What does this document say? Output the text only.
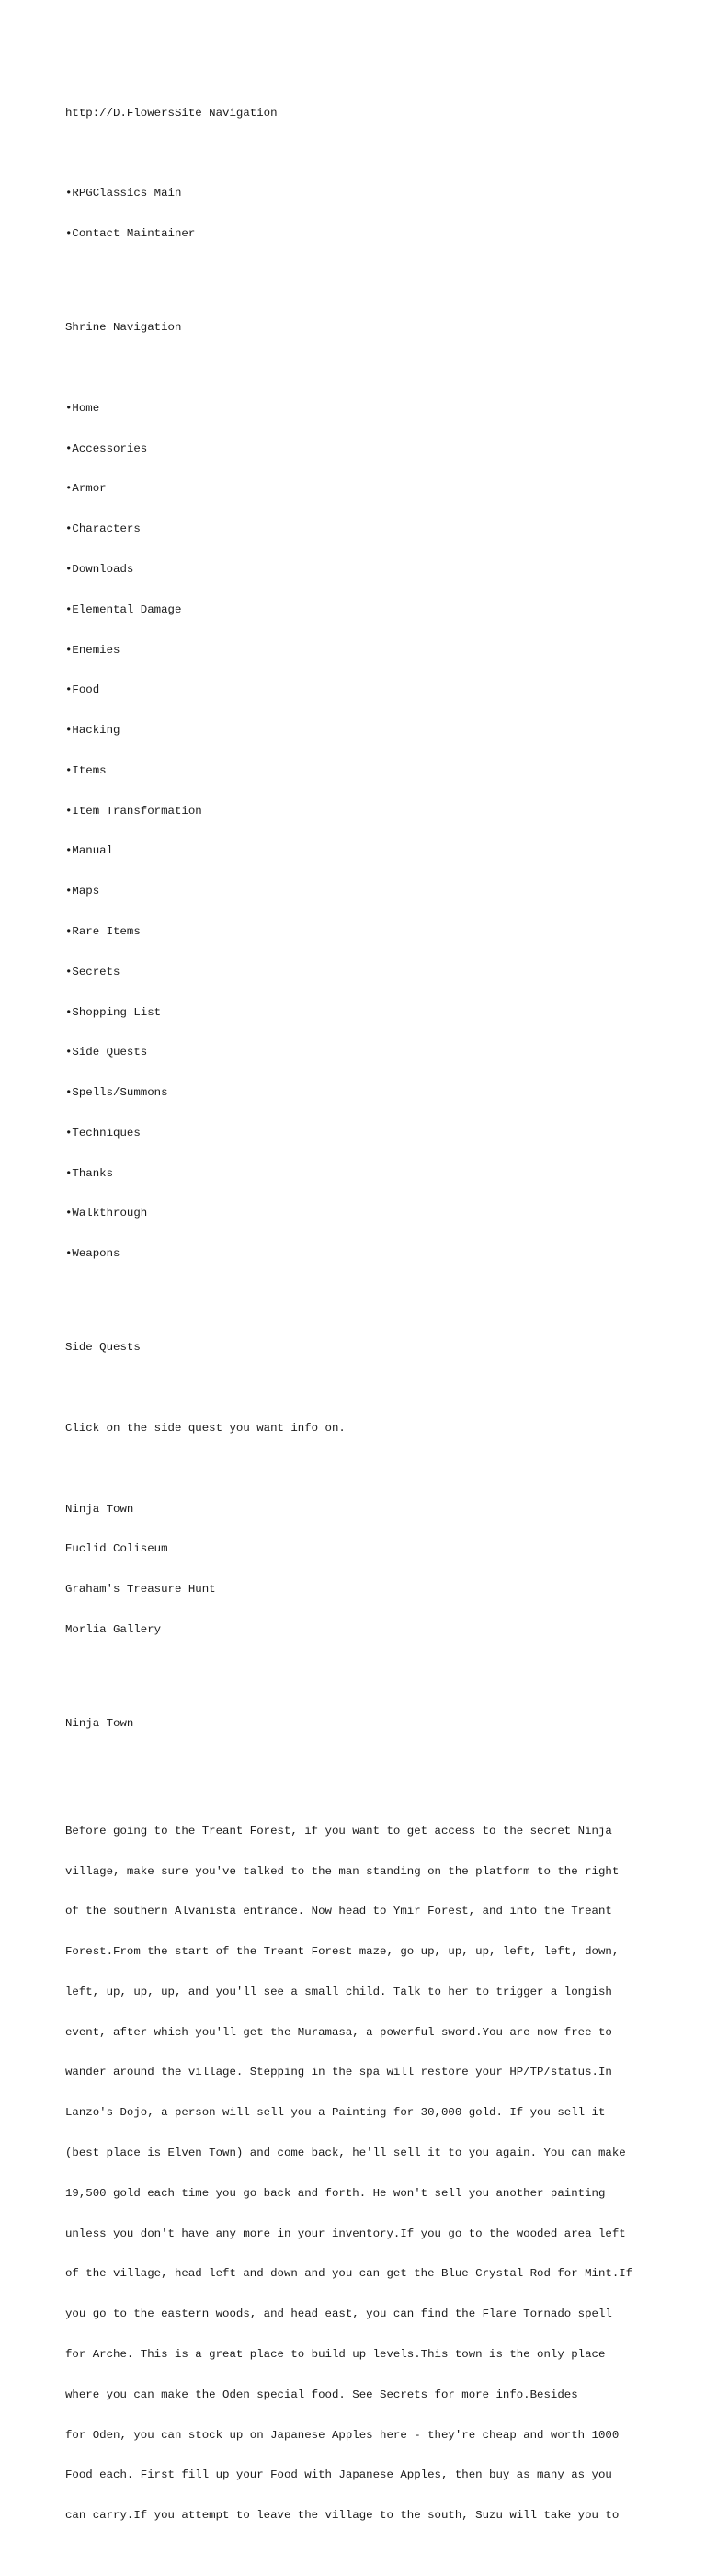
http://D.FlowersSite Navigation

•RPGClassics Main

•Contact Maintainer

Shrine Navigation

•Home

•Accessories

•Armor

•Characters

•Downloads

•Elemental Damage

•Enemies

•Food

•Hacking

•Items

•Item Transformation

•Manual

•Maps

•Rare Items

•Secrets

•Shopping List

•Side Quests

•Spells/Summons

•Techniques

•Thanks

•Walkthrough

•Weapons

Side Quests

Click on the side quest you want info on.

Ninja Town

Euclid Coliseum

Graham's Treasure Hunt

Morlia Gallery

Ninja Town

Before going to the Treant Forest, if you want to get access to the secret Ninja

village, make sure you've talked to the man standing on the platform to the right

of the southern Alvanista entrance. Now head to Ymir Forest, and into the Treant

Forest.From the start of the Treant Forest maze, go up, up, up, left, left, down,

left, up, up, up, and you'll see a small child. Talk to her to trigger a longish

event, after which you'll get the Muramasa, a powerful sword.You are now free to

wander around the village. Stepping in the spa will restore your HP/TP/status.In

Lanzo's Dojo, a person will sell you a Painting for 30,000 gold. If you sell it

(best place is Elven Town) and come back, he'll sell it to you again. You can make

19,500 gold each time you go back and forth. He won't sell you another painting

unless you don't have any more in your inventory.If you go to the wooded area left

of the village, head left and down and you can get the Blue Crystal Rod for Mint.If

you go to the eastern woods, and head east, you can find the Flare Tornado spell

for Arche. This is a great place to build up levels.This town is the only place

where you can make the Oden special food. See Secrets for more info.Besides

for Oden, you can stock up on Japanese Apples here - they're cheap and worth 1000

Food each. First fill up your Food with Japanese Apples, then buy as many as you

can carry.If you attempt to leave the village to the south, Suzu will take you to
